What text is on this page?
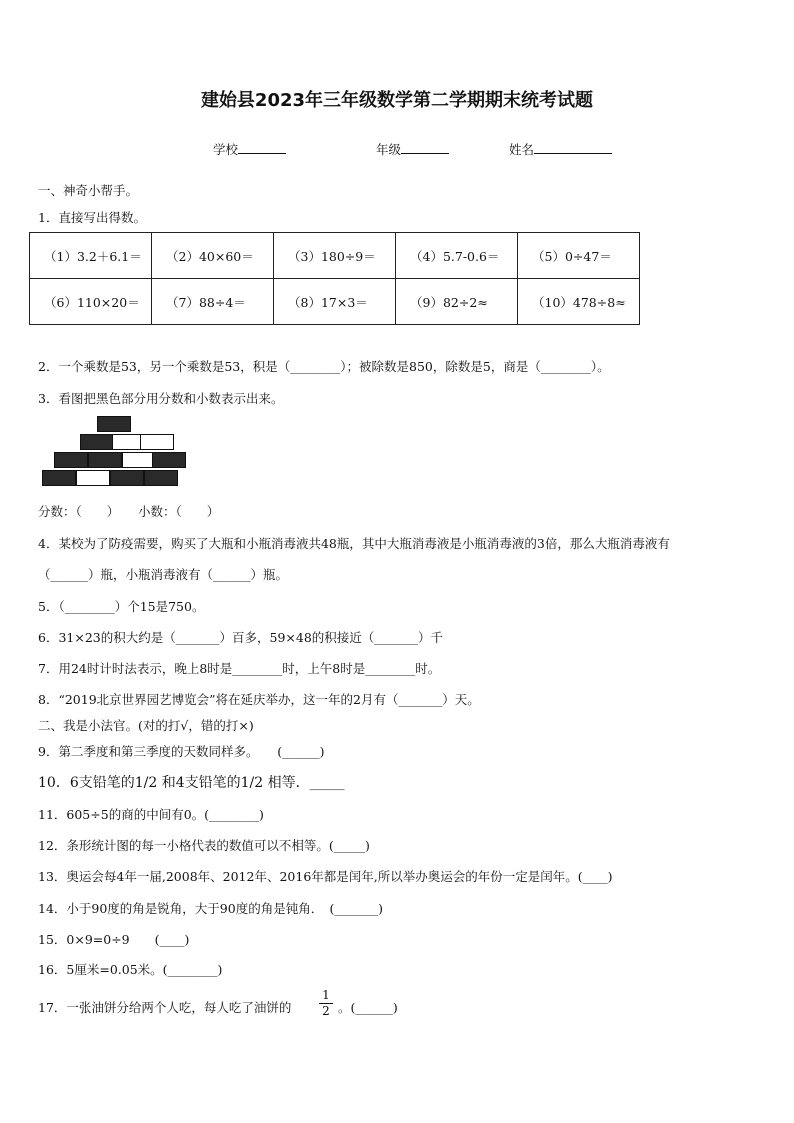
建始县2023年三年级数学第二学期期末统考试题
学校	年级	姓名
一、神奇小帮手。
1．直接写出得数。
（1）3.2＋6.1＝	（2）40×60＝	（3）180÷9＝	（4）5.7-0.6＝	（5）0÷47＝
（6）110×20＝	（7）88÷4＝	（8）17×3＝	（9）82÷2≈	（10）478÷8≈
2．一个乘数是53，另一个乘数是53，积是（________）；被除数是850，除数是5，商是（________）。
3．看图把黑色部分用分数和小数表示出来。
分数：（　　）　　小数：（　　）
4．某校为了防疫需要，购买了大瓶和小瓶消毒液共48瓶，其中大瓶消毒液是小瓶消毒液的3倍，那么大瓶消毒液有
（______）瓶，小瓶消毒液有（______）瓶。
5．（________）个15是750。
6．31×23的积大约是（_______）百多，59×48的积接近（_______）千
7．用24时计时法表示，晚上8时是________时，上午8时是________时。
8．“2019北京世界园艺博览会”将在延庆举办，这一年的2月有（_______）天。
二、我是小法官。(对的打√，错的打×)
9．第二季度和第三季度的天数同样多。　　(______)
10．6支铅笔的1/2 和4支铅笔的1/2 相等．_____
11．605÷5的商的中间有0。(________)
12．条形统计图的每一小格代表的数值可以不相等。(_____)
13．奥运会每4年一届,2008年、2012年、2016年都是闰年,所以举办奥运会的年份一定是闰年。(____)
14．小于90度的角是锐角，大于90度的角是钝角．　(_______)
15．0×9=0÷9　　(____)
16．5厘米=0.05米。(________)
17．一张油饼分给两个人吃，每人吃了油饼的 $\frac{1}{2}$ 。(______)
